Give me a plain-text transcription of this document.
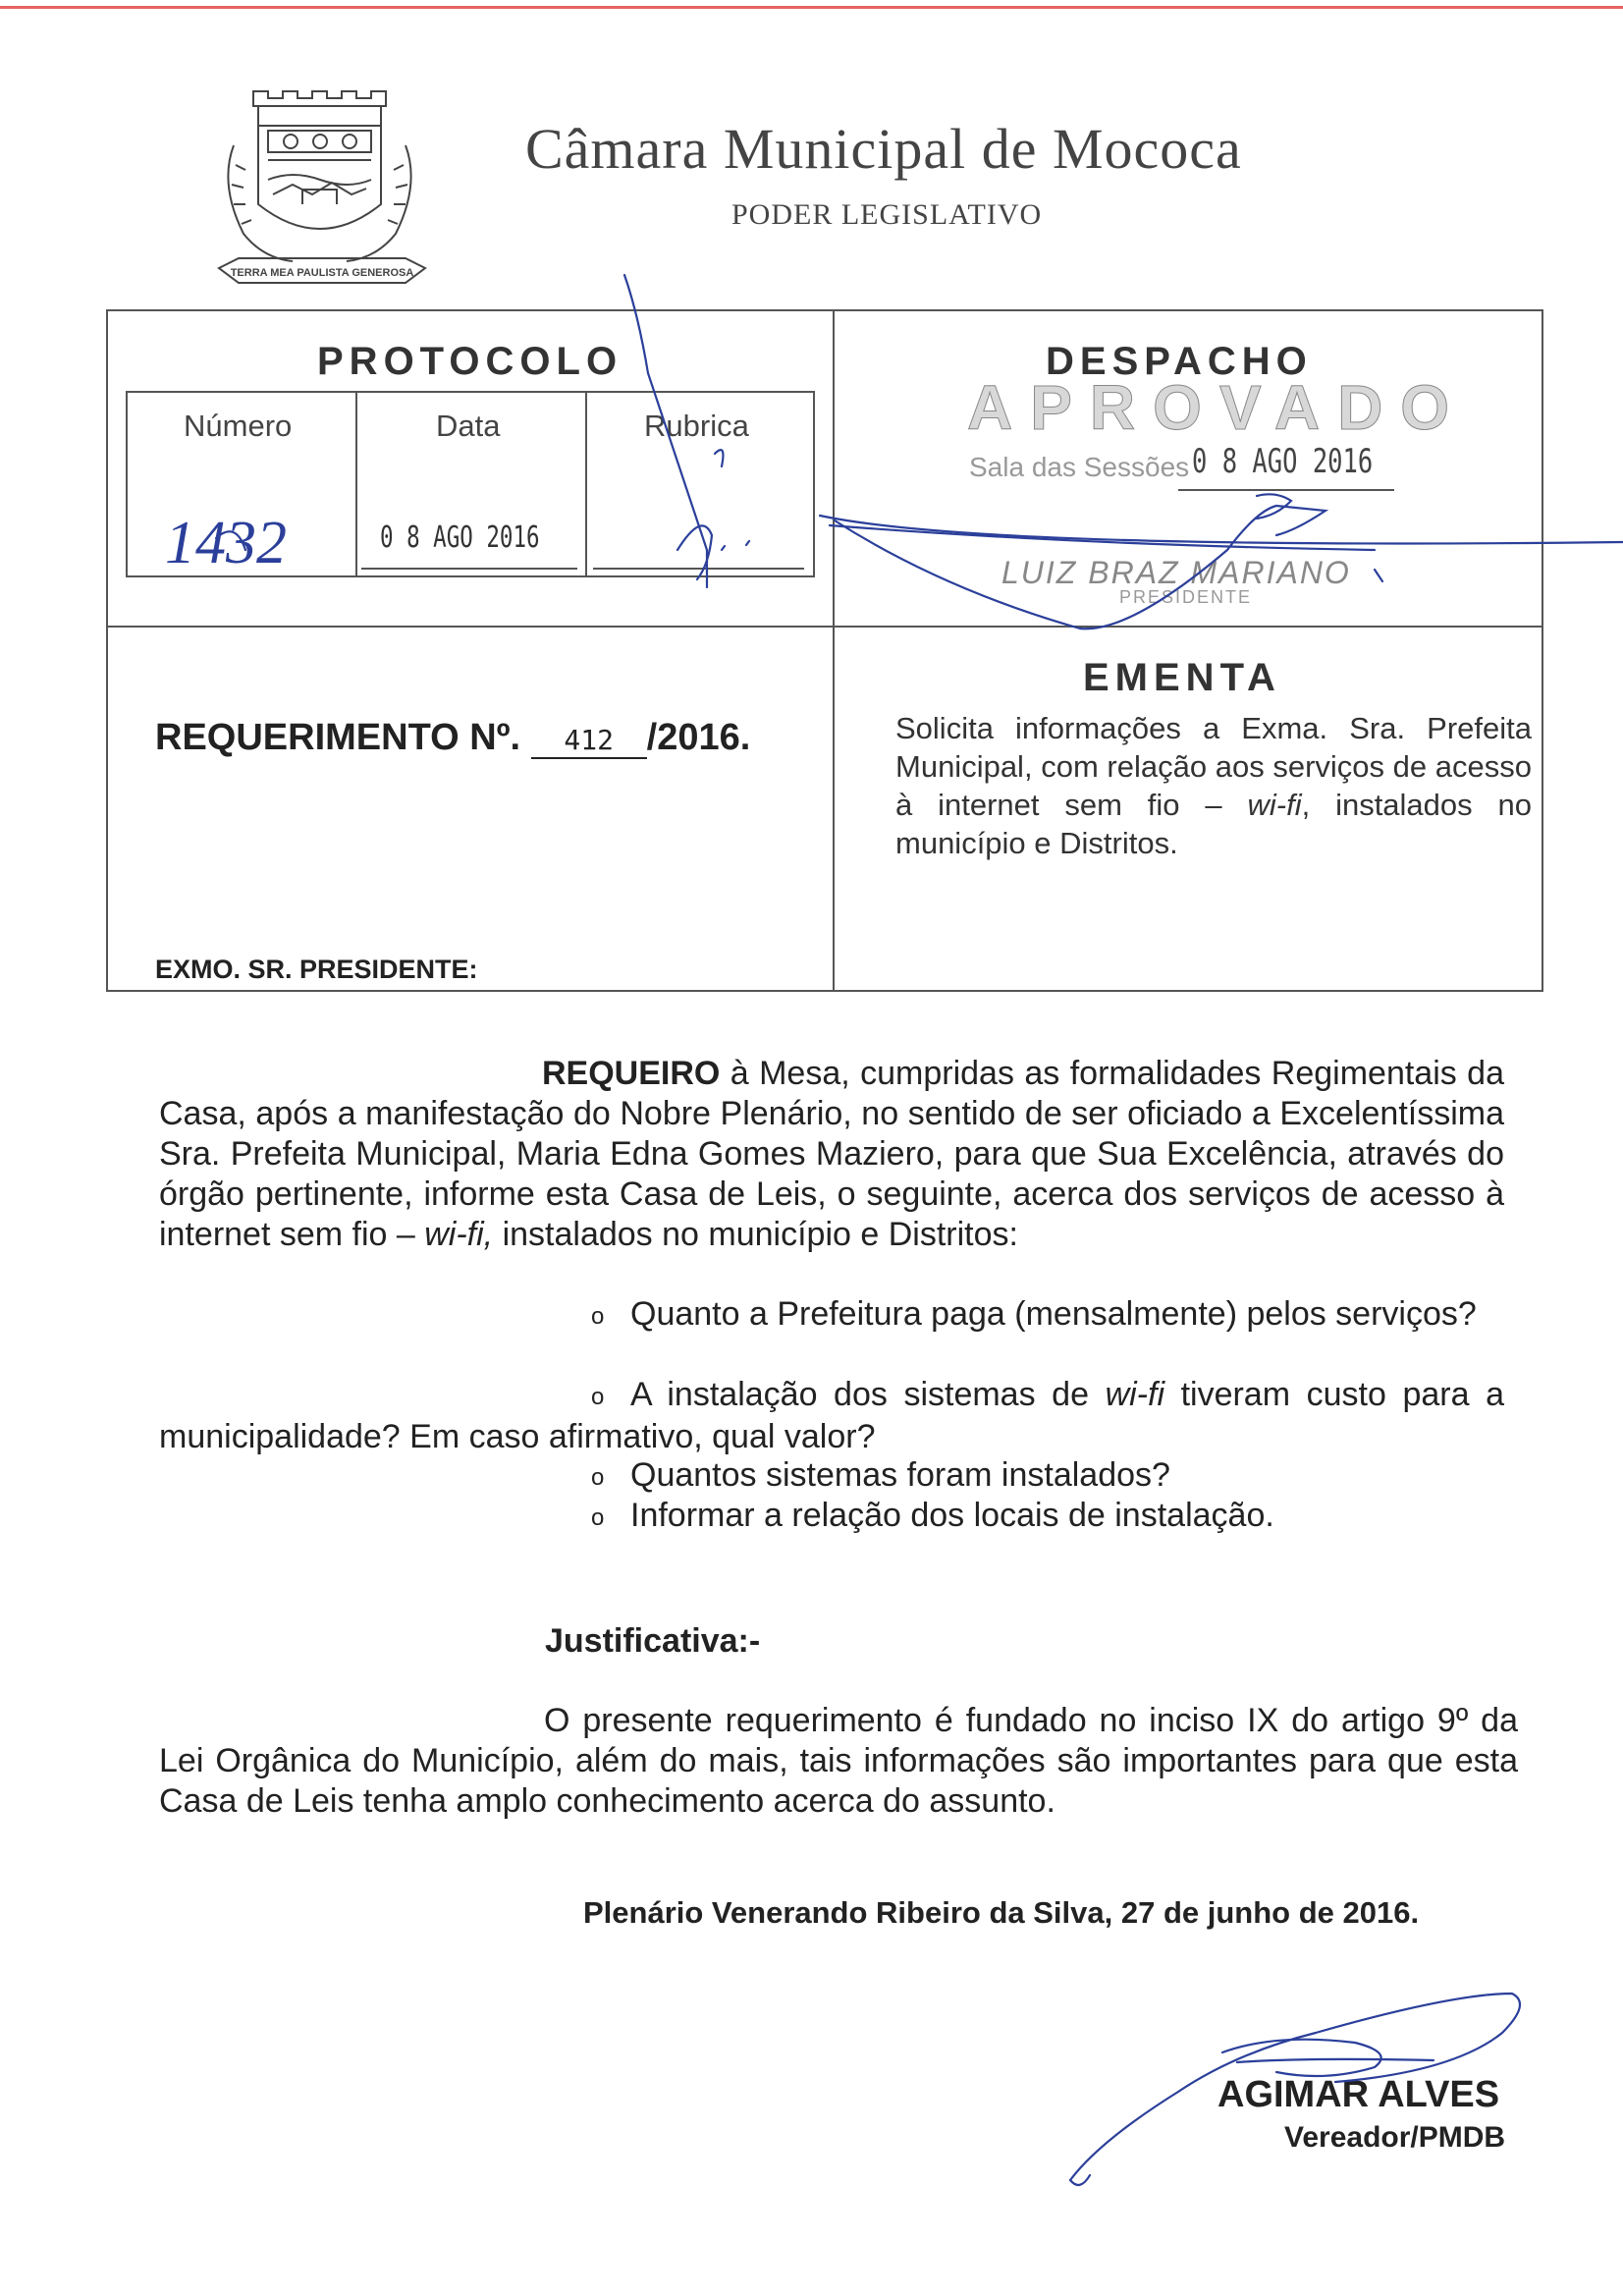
TERRA MEA PAULISTA GENEROSA
Câmara Municipal de Mococa
PODER LEGISLATIVO
PROTOCOLO
Número	Data	Rubrica
1432	0 8 AGO 2016
DESPACHO
APROVADO
Sala das Sessões 0 8 AGO 2016
LUIZ BRAZ MARIANO
PRESIDENTE
EMENTA
Solicita informações a Exma. Sra. Prefeita Municipal, com relação aos serviços de acesso à internet sem fio – wi-fi, instalados no município e Distritos.
REQUERIMENTO Nº. 412 /2016.
EXMO. SR. PRESIDENTE:
REQUEIRO à Mesa, cumpridas as formalidades Regimentais da Casa, após a manifestação do Nobre Plenário, no sentido de ser oficiado a Excelentíssima Sra. Prefeita Municipal, Maria Edna Gomes Maziero, para que Sua Excelência, através do órgão pertinente, informe esta Casa de Leis, o seguinte, acerca dos serviços de acesso à internet sem fio – wi-fi, instalados no município e Distritos:
o Quanto a Prefeitura paga (mensalmente) pelos serviços?
o A instalação dos sistemas de wi-fi tiveram custo para a municipalidade? Em caso afirmativo, qual valor?
o Quantos sistemas foram instalados?
o Informar a relação dos locais de instalação.
Justificativa:-
O presente requerimento é fundado no inciso IX do artigo 9º da Lei Orgânica do Município, além do mais, tais informações são importantes para que esta Casa de Leis tenha amplo conhecimento acerca do assunto.
Plenário Venerando Ribeiro da Silva, 27 de junho de 2016.
AGIMAR ALVES
Vereador/PMDB
